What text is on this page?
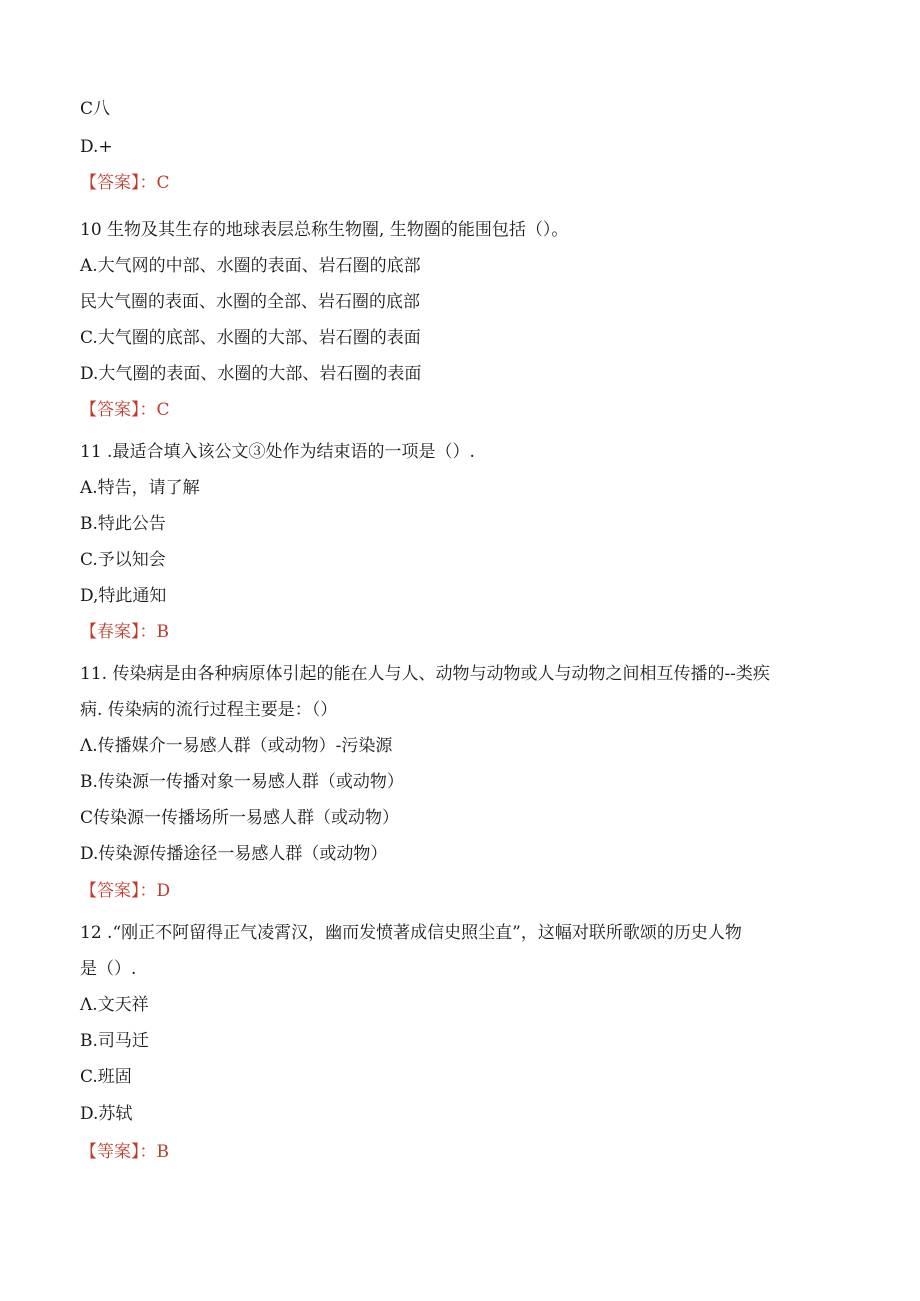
C八
D.+
【答案】：C
10 生物及其生存的地球表层总称生物圈, 生物圈的能围包括（）。
A.大气网的中部、水圈的表面、岩石圈的底部
民大气圈的表面、水圈的全部、岩石圈的底部
C.大气圈的底部、水圈的大部、岩石圈的表面
D.大气圈的表面、水圈的大部、岩石圈的表面
【答案】：C
11 .最适合填入该公文③处作为结束语的一项是（）.
A.特告，请了解
B.特此公告
C.予以知会
D,特此通知
【春案】：B
11. 传染病是由各种病原体引起的能在人与人、动物与动物或人与动物之间相互传播的--类疾
病. 传染病的流行过程主要是：（）
Λ.传播媒介一易感人群（或动物）-污染源
B.传染源一传播对象一易感人群（或动物）
C传染源一传播场所一易感人群（或动物）
D.传染源传播途径一易感人群（或动物）
【答案】：D
12 .“刚正不阿留得正气凌霄汉，幽而发愤著成信史照尘直”，这幅对联所歌颂的历史人物
是（）.
Λ.文天祥
B.司马迁
C.班固
D.苏轼
【等案】：B
